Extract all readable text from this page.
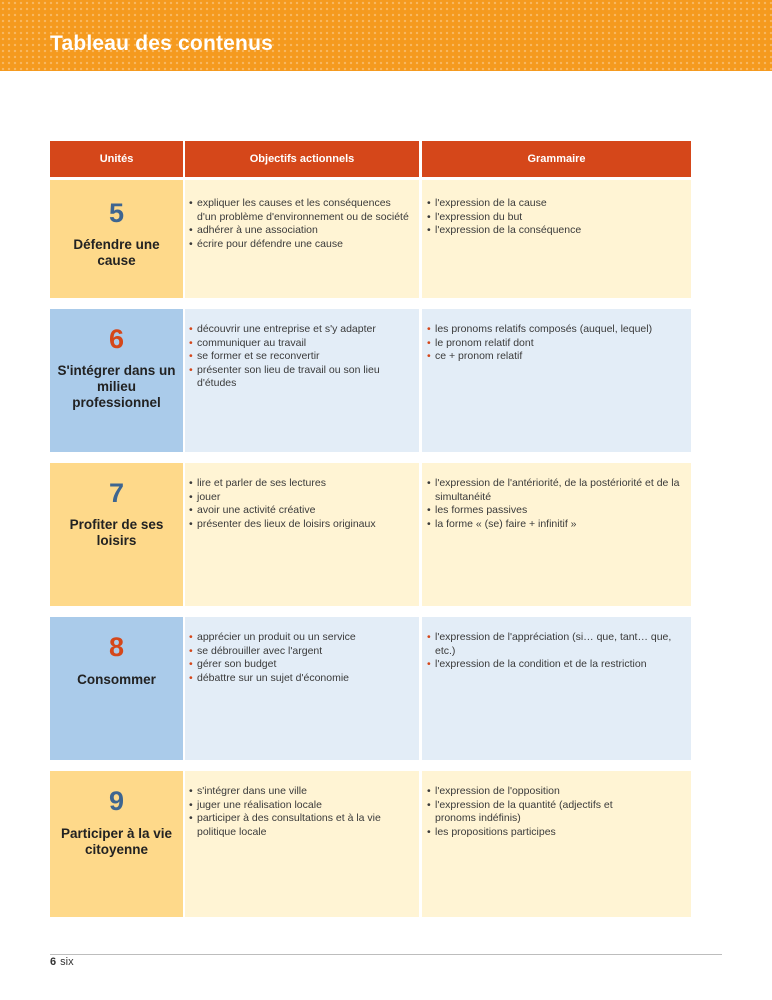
Tableau des contenus
Unités	Objectifs actionnels	Grammaire
5
Défendre une cause
• expliquer les causes et les conséquences d'un problème d'environnement ou de société
• adhérer à une association
• écrire pour défendre une cause
• l'expression de la cause
• l'expression du but
• l'expression de la conséquence
6
S'intégrer dans un milieu professionnel
• découvrir une entreprise et s'y adapter
• communiquer au travail
• se former et se reconvertir
• présenter son lieu de travail ou son lieu d'études
• les pronoms relatifs composés (auquel, lequel)
• le pronom relatif dont
• ce + pronom relatif
7
Profiter de ses loisirs
• lire et parler de ses lectures
• jouer
• avoir une activité créative
• présenter des lieux de loisirs originaux
• l'expression de l'antériorité, de la postériorité et de la simultanéité
• les formes passives
• la forme « (se) faire + infinitif »
8
Consommer
• apprécier un produit ou un service
• se débrouiller avec l'argent
• gérer son budget
• débattre sur un sujet d'économie
• l'expression de l'appréciation (si… que, tant… que, etc.)
• l'expression de la condition et de la restriction
9
Participer à la vie citoyenne
• s'intégrer dans une ville
• juger une réalisation locale
• participer à des consultations et à la vie politique locale
• l'expression de l'opposition
• l'expression de la quantité (adjectifs et pronoms indéfinis)
• les propositions participes
6 six
